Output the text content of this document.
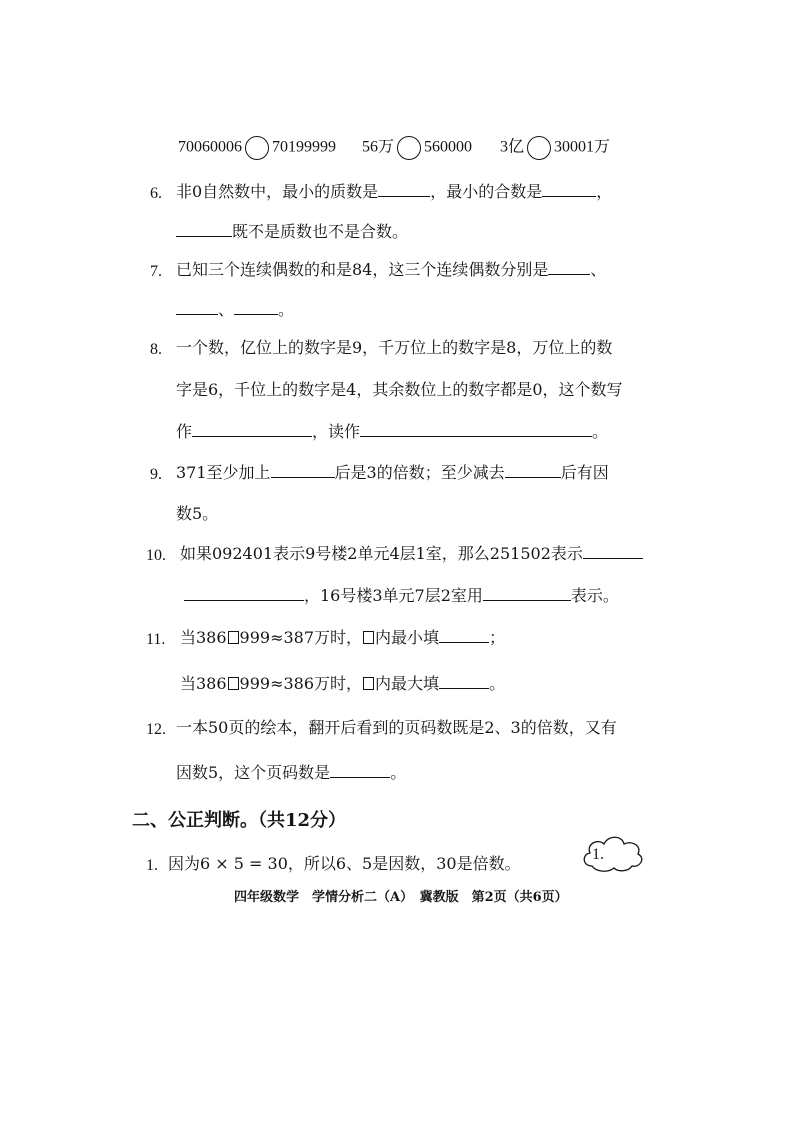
70060006 70199999 56万 560000 3亿 30001万
6. 非0自然数中，最小的质数是	，最小的合数是	，
既不是质数也不是合数。
7. 已知三个连续偶数的和是84，这三个连续偶数分别是	、
、	。
8. 一个数，亿位上的数字是9，千万位上的数字是8，万位上的数
字是6，千位上的数字是4，其余数位上的数字都是0，这个数写
作	，读作	。
9. 371至少加上	后是3的倍数；至少减去	后有因
数5。
10. 如果092401表示9号楼2单元4层1室，那么251502表示
，16号楼3单元7层2室用	表示。
11. 当386 999≈387万时， 内最小填	；
当386 999≈386万时， 内最大填	。
12. 一本50页的绘本，翻开后看到的页码数既是2、3的倍数，又有
因数5，这个页码数是	。
二、公正判断。（共12分）
1. 因为6 × 5 = 30，所以6、5是因数，30是倍数。	1.
四年级数学　学情分析二（A）　冀教版　第2页（共6页）
